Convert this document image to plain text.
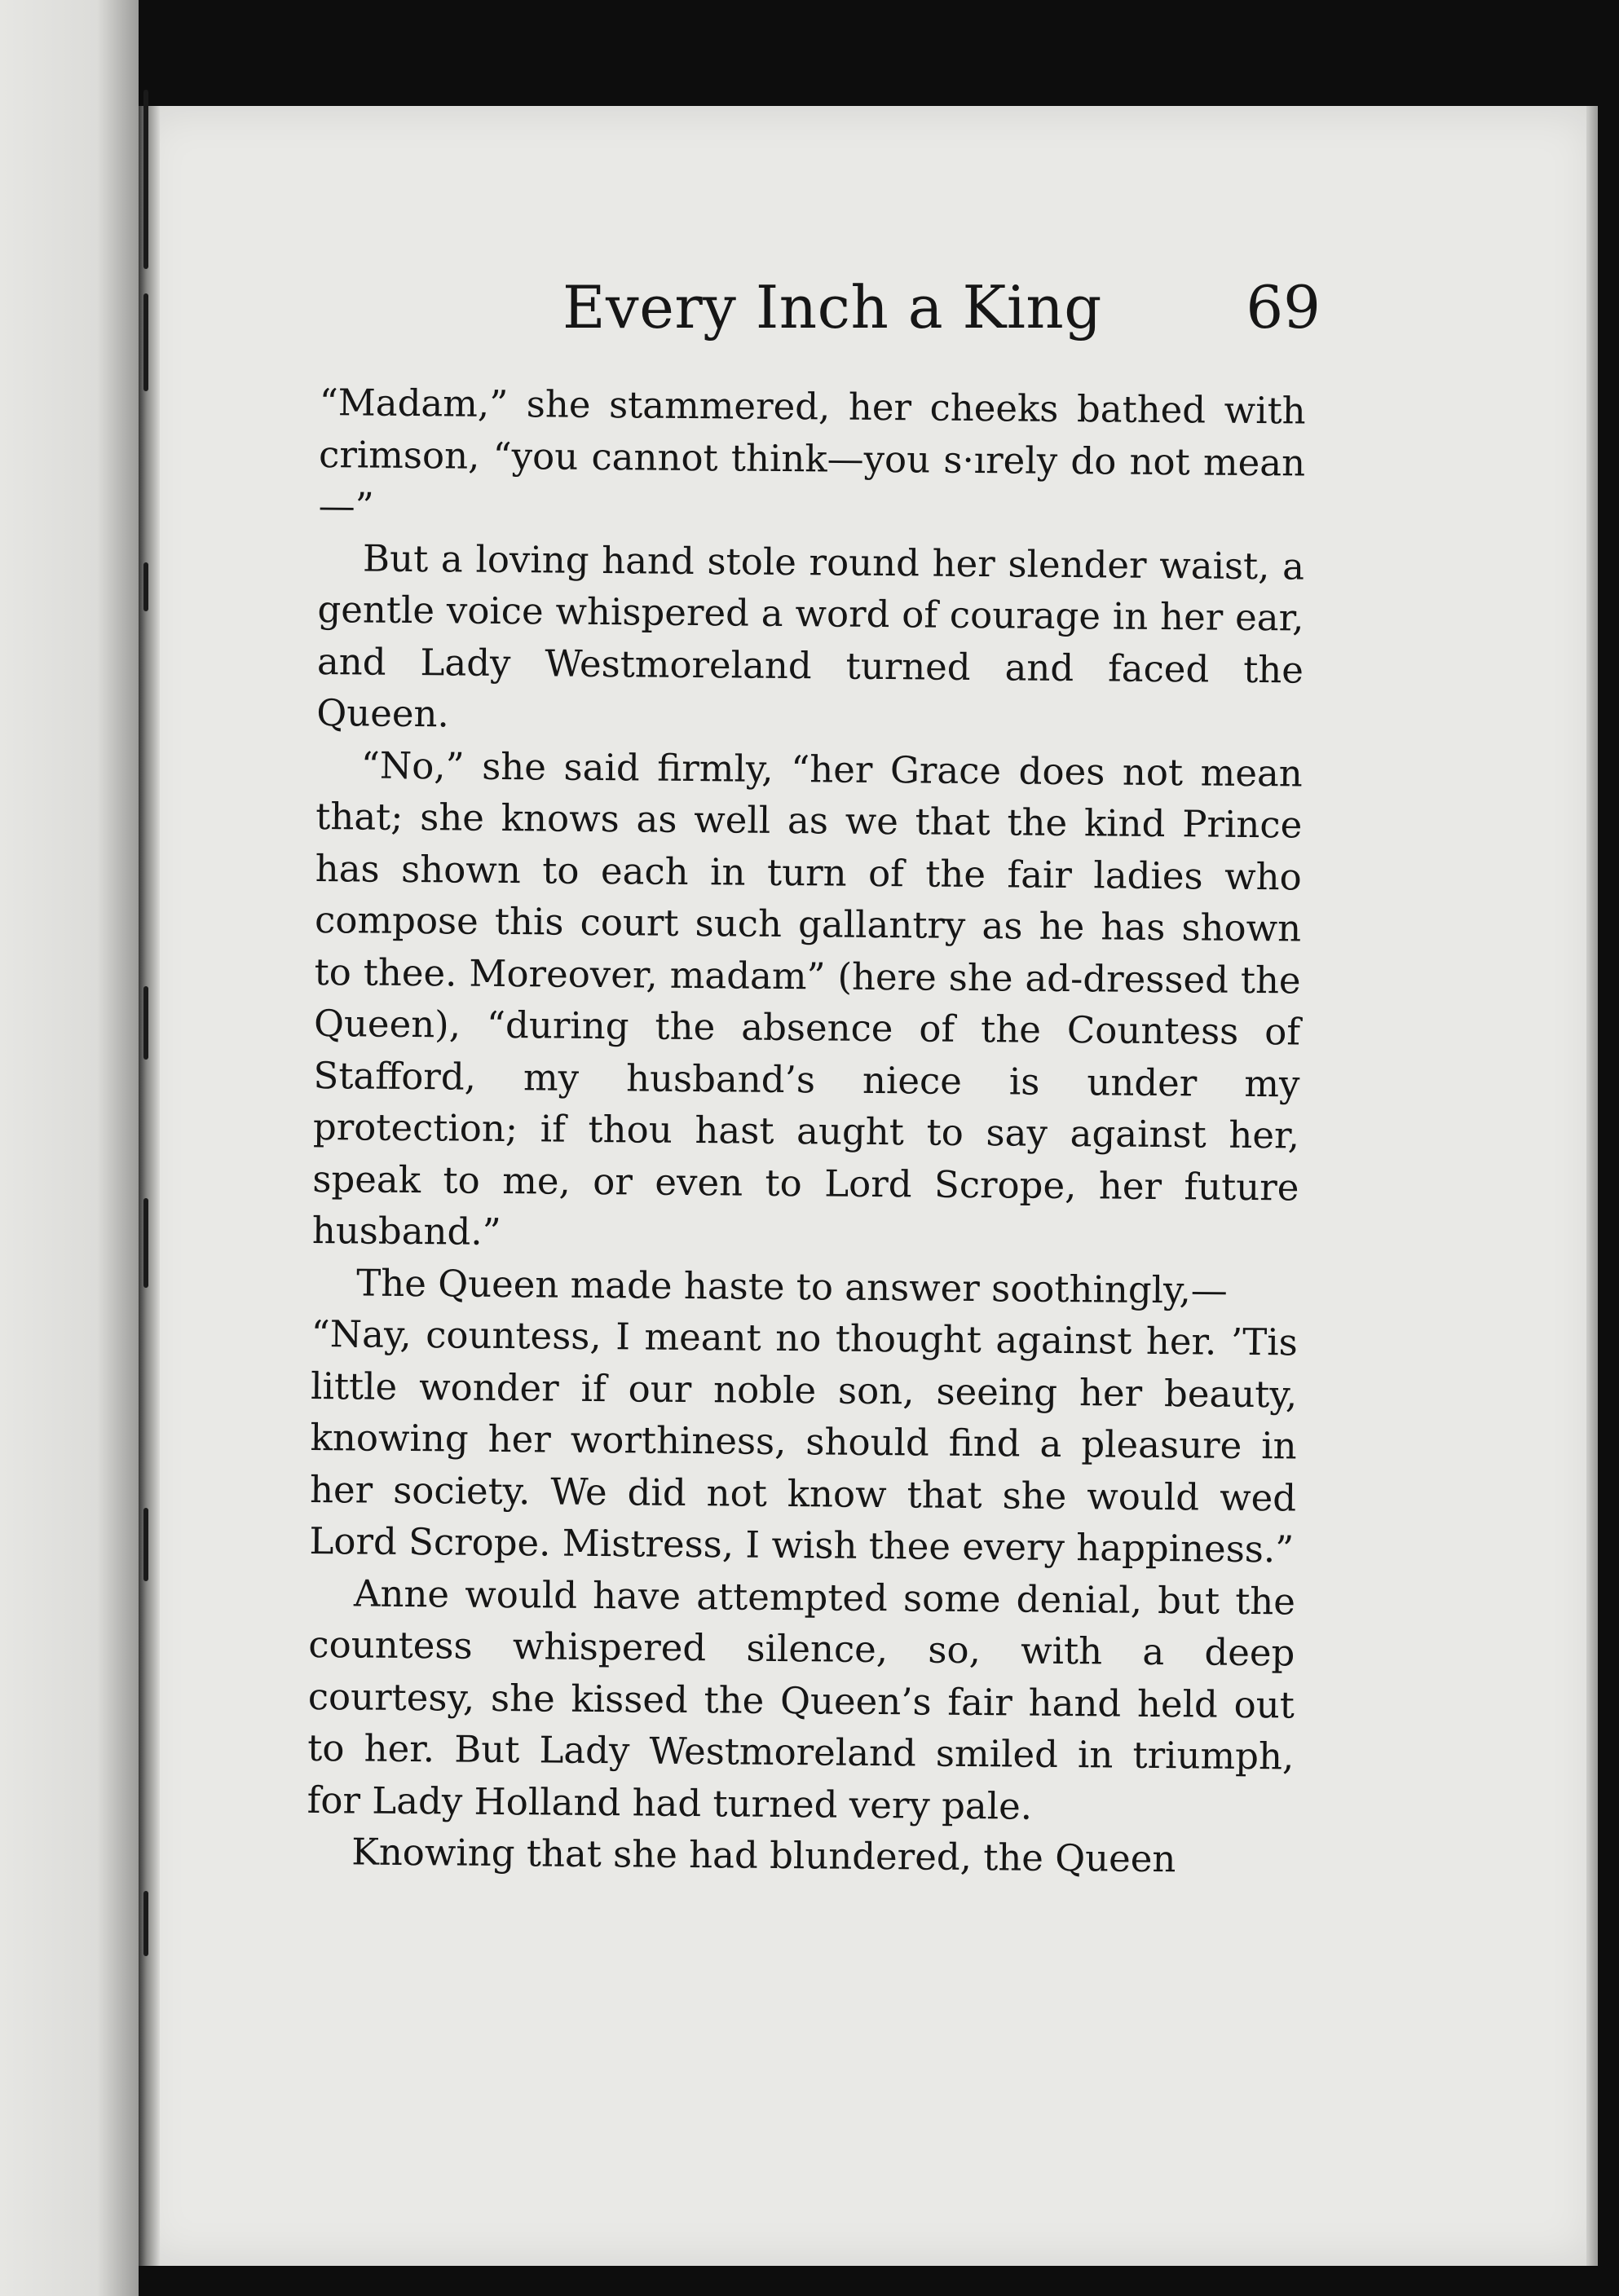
Every Inch a King 69

“Madam,” she stammered, her cheeks bathed with crimson, “you cannot think—you s·ırely do not mean—”

But a loving hand stole round her slender waist, a gentle voice whispered a word of courage in her ear, and Lady Westmoreland turned and faced the Queen.

“No,” she said firmly, “her Grace does not mean that; she knows as well as we that the kind Prince has shown to each in turn of the fair ladies who compose this court such gallantry as he has shown to thee. Moreover, madam” (here she ad-dressed the Queen), “during the absence of the Countess of Stafford, my husband’s niece is under my protection; if thou hast aught to say against her, speak to me, or even to Lord Scrope, her future husband.”

The Queen made haste to answer soothingly,—

“Nay, countess, I meant no thought against her. ’Tis little wonder if our noble son, seeing her beauty, knowing her worthiness, should find a pleasure in her society. We did not know that she would wed Lord Scrope. Mistress, I wish thee every happiness.”

Anne would have attempted some denial, but the countess whispered silence, so, with a deep courtesy, she kissed the Queen’s fair hand held out to her. But Lady Westmoreland smiled in triumph, for Lady Holland had turned very pale.

Knowing that she had blundered, the Queen
